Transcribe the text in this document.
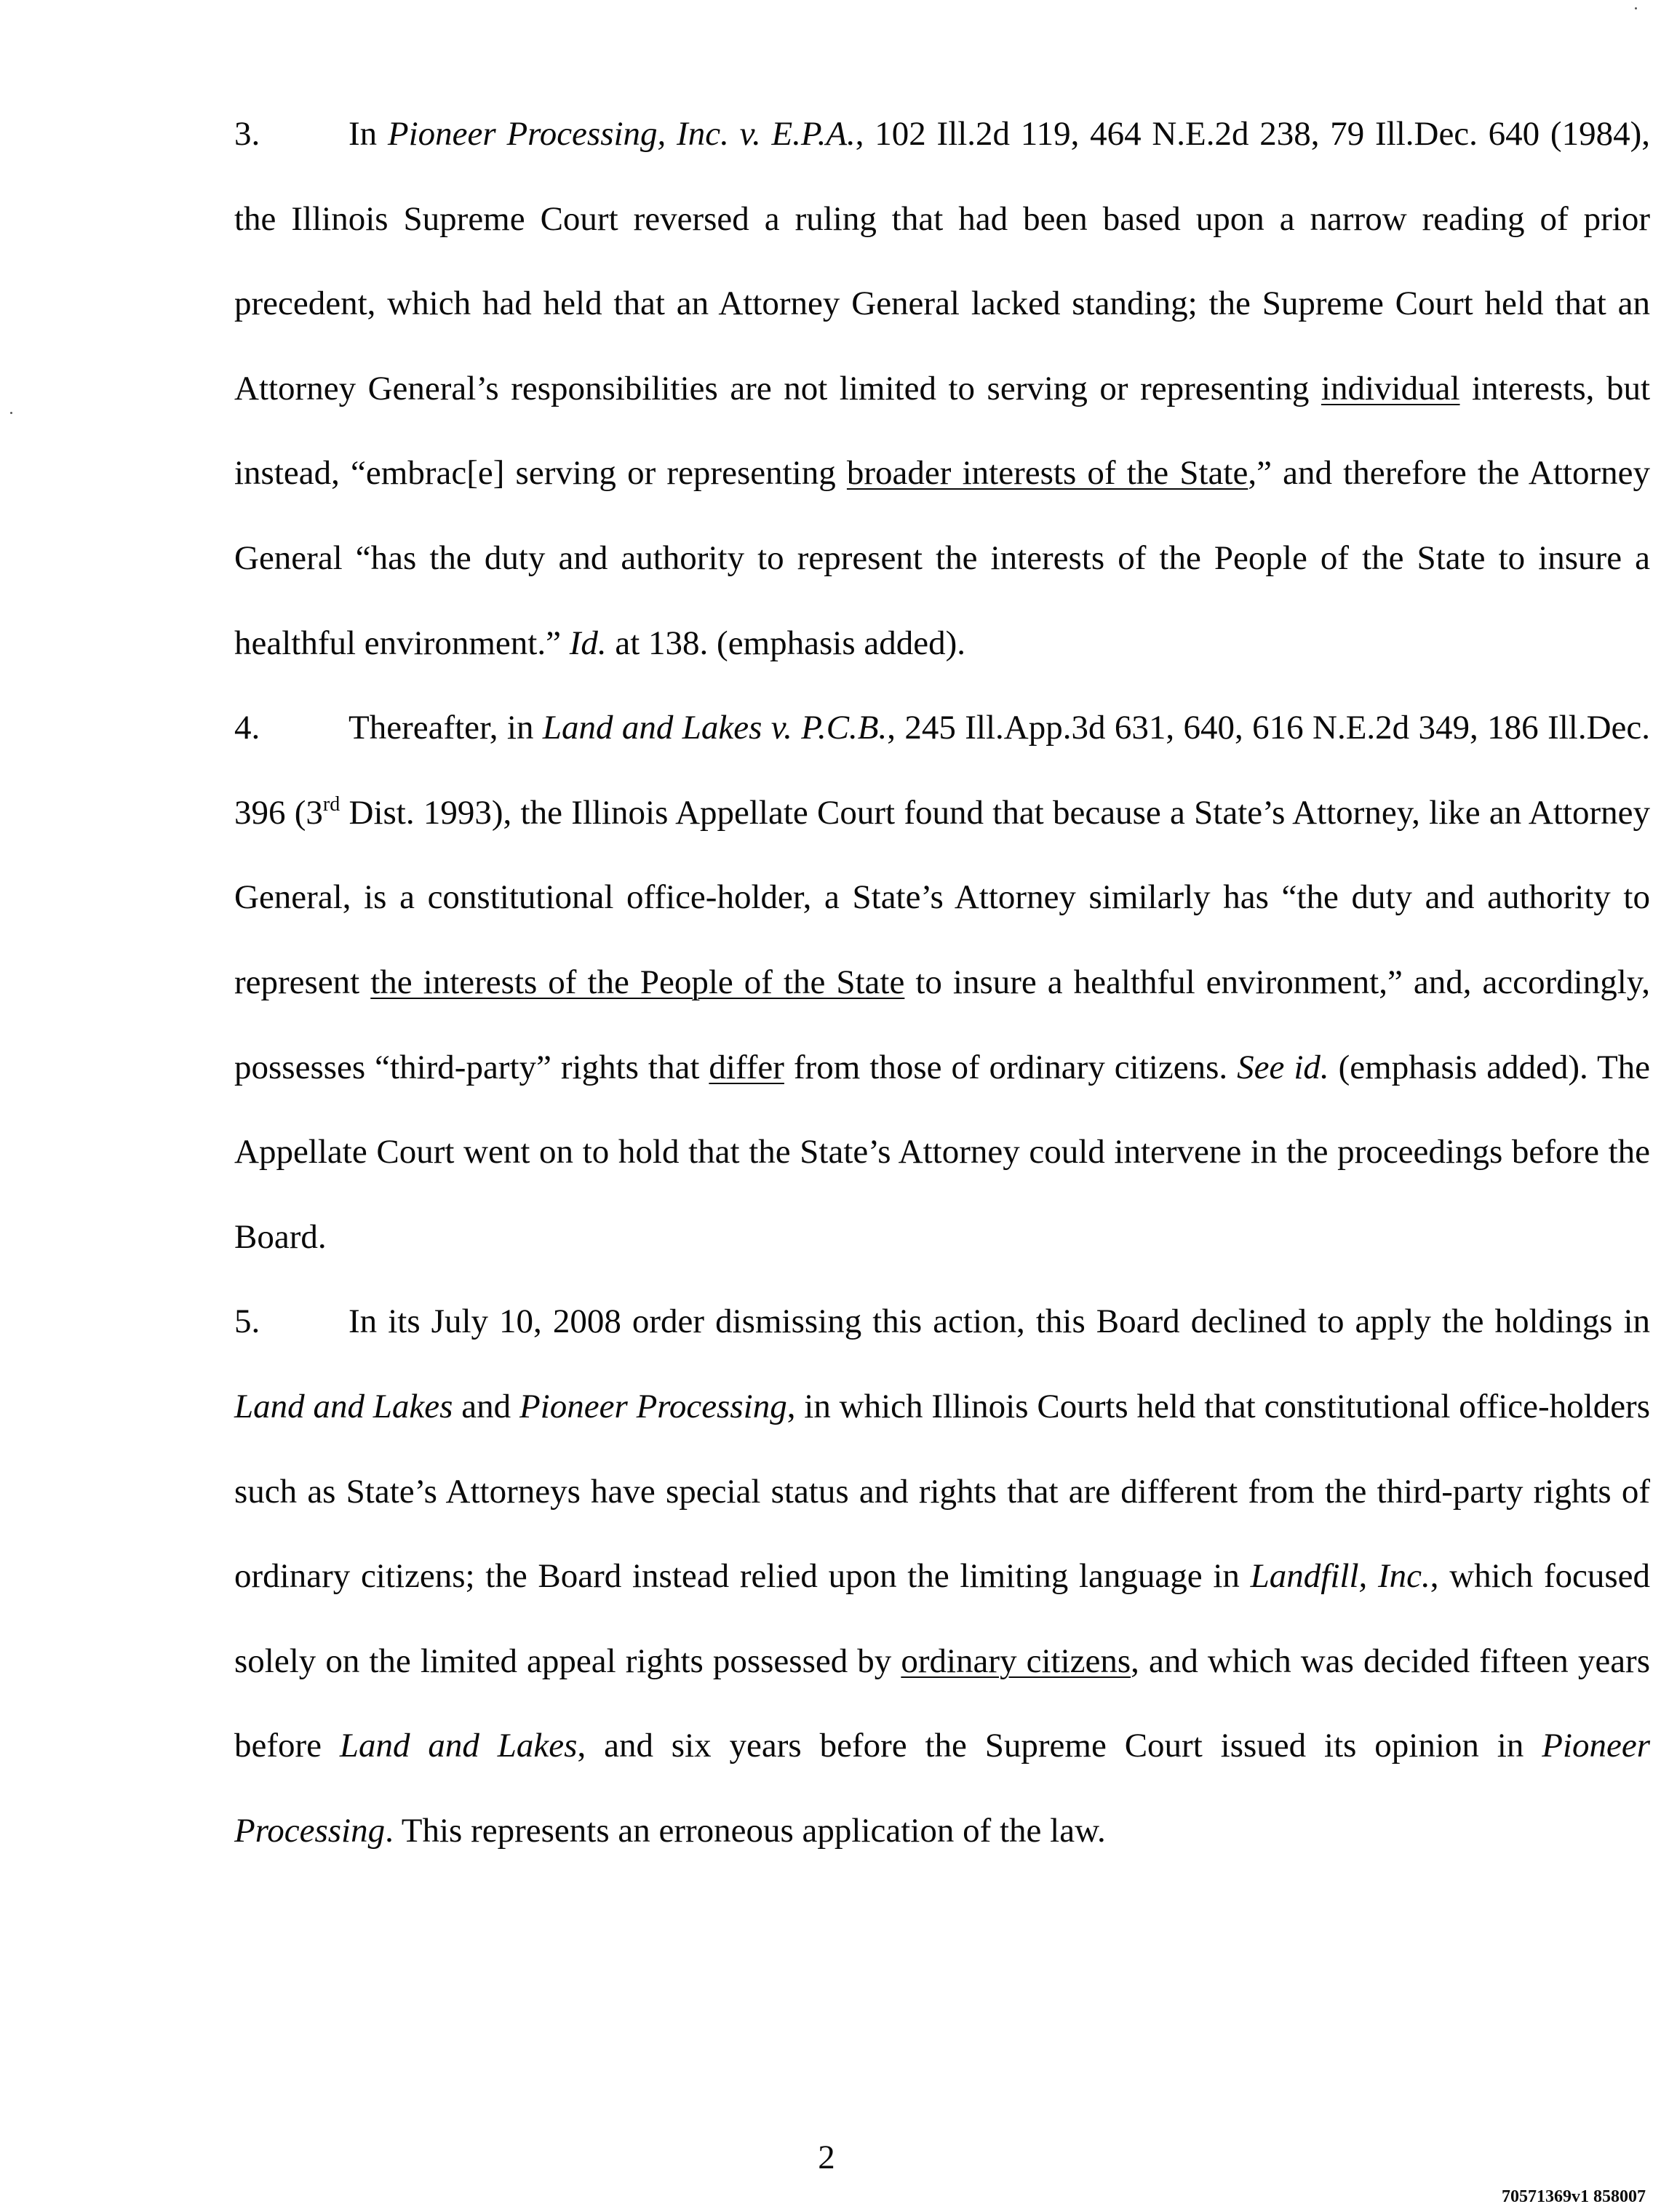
3.	In Pioneer Processing, Inc. v. E.P.A., 102 Ill.2d 119, 464 N.E.2d 238, 79 Ill.Dec. 640 (1984), the Illinois Supreme Court reversed a ruling that had been based upon a narrow reading of prior precedent, which had held that an Attorney General lacked standing; the Supreme Court held that an Attorney General’s responsibilities are not limited to serving or representing individual interests, but instead, “embrac[e] serving or representing broader interests of the State,” and therefore the Attorney General “has the duty and authority to represent the interests of the People of the State to insure a healthful environment.” Id. at 138. (emphasis added).

4.	Thereafter, in Land and Lakes v. P.C.B., 245 Ill.App.3d 631, 640, 616 N.E.2d 349, 186 Ill.Dec. 396 (3rd Dist. 1993), the Illinois Appellate Court found that because a State’s Attorney, like an Attorney General, is a constitutional office-holder, a State’s Attorney similarly has “the duty and authority to represent the interests of the People of the State to insure a healthful environment,” and, accordingly, possesses “third-party” rights that differ from those of ordinary citizens. See id. (emphasis added). The Appellate Court went on to hold that the State’s Attorney could intervene in the proceedings before the Board.

5.	In its July 10, 2008 order dismissing this action, this Board declined to apply the holdings in Land and Lakes and Pioneer Processing, in which Illinois Courts held that constitutional office-holders such as State’s Attorneys have special status and rights that are different from the third-party rights of ordinary citizens; the Board instead relied upon the limiting language in Landfill, Inc., which focused solely on the limited appeal rights possessed by ordinary citizens, and which was decided fifteen years before Land and Lakes, and six years before the Supreme Court issued its opinion in Pioneer Processing. This represents an erroneous application of the law.

2
70571369v1 858007
